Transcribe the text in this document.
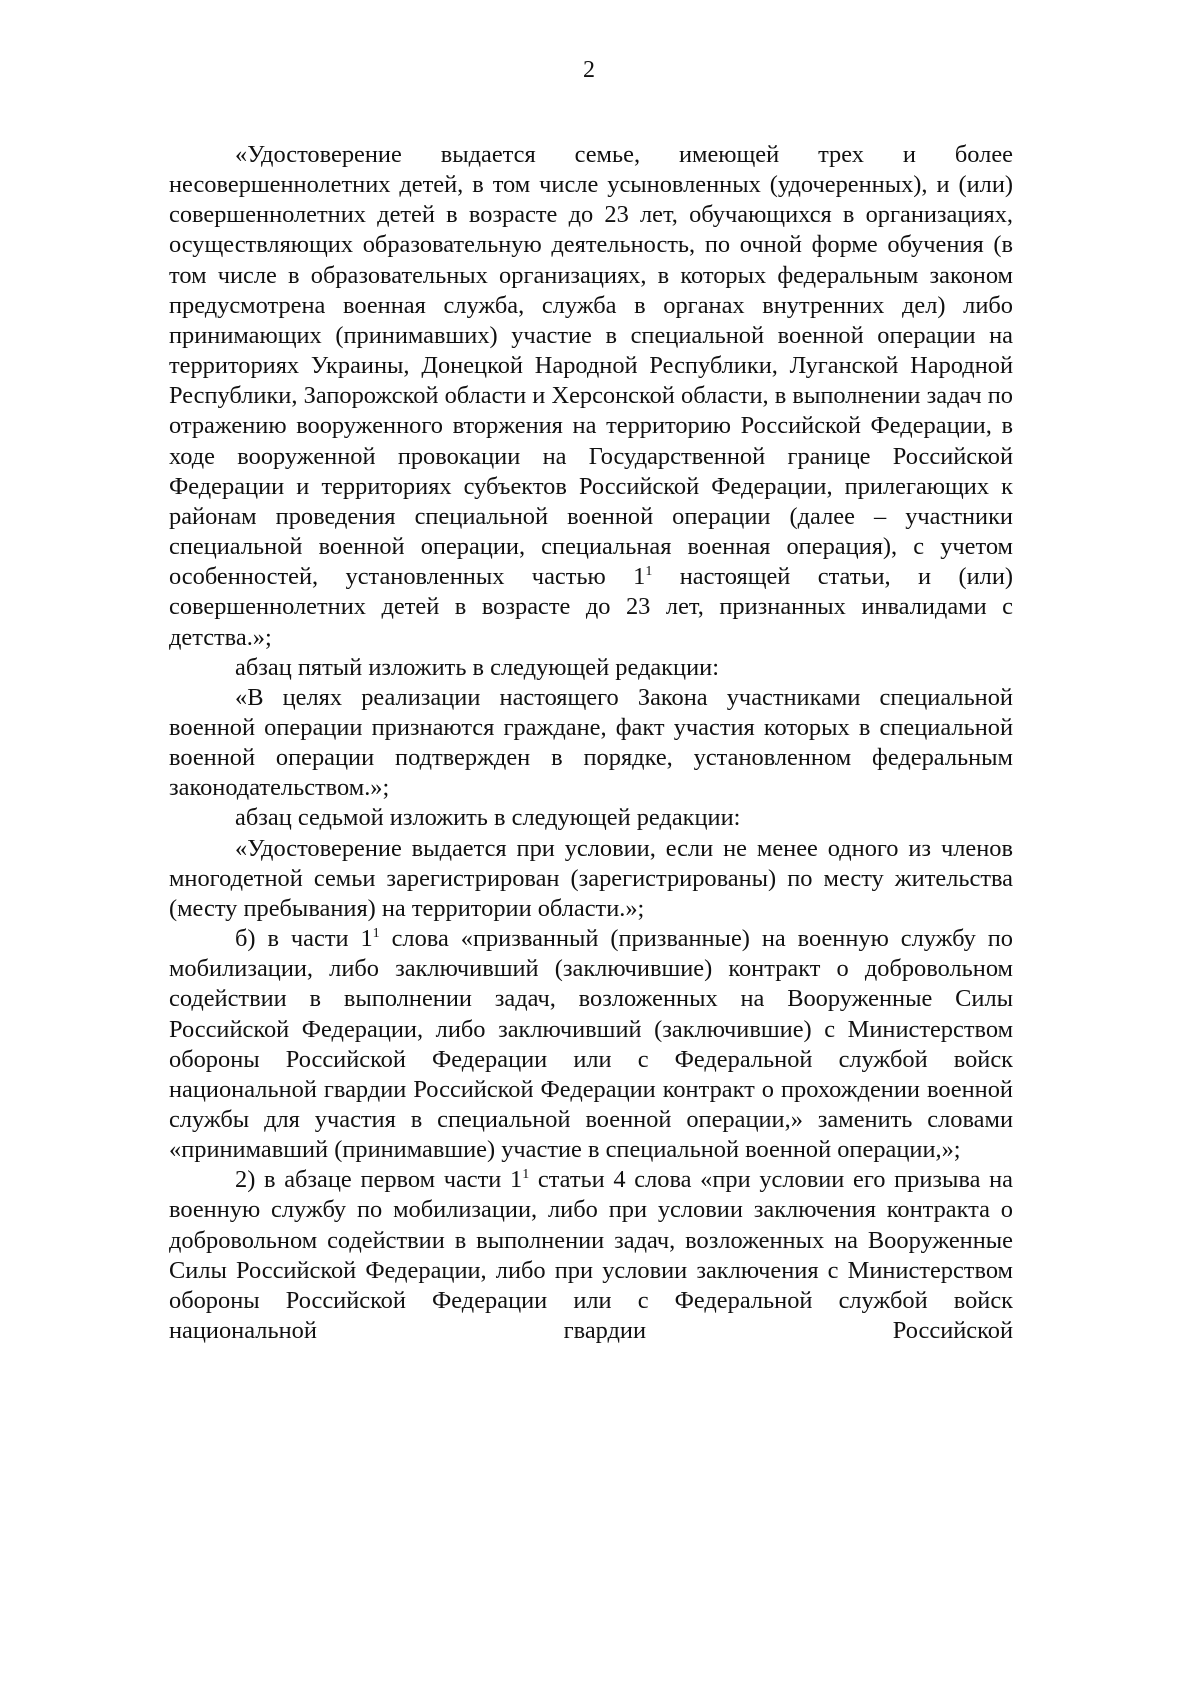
2

«Удостоверение выдается семье, имеющей трех и более несовершеннолетних детей, в том числе усыновленных (удочеренных), и (или) совершеннолетних детей в возрасте до 23 лет, обучающихся в организациях, осуществляющих образовательную деятельность, по очной форме обучения (в том числе в образовательных организациях, в которых федеральным законом предусмотрена военная служба, служба в органах внутренних дел) либо принимающих (принимавших) участие в специальной военной операции на территориях Украины, Донецкой Народной Республики, Луганской Народной Республики, Запорожской области и Херсонской области, в выполнении задач по отражению вооруженного вторжения на территорию Российской Федерации, в ходе вооруженной провокации на Государственной границе Российской Федерации и территориях субъектов Российской Федерации, прилегающих к районам проведения специальной военной операции (далее – участники специальной военной операции, специальная военная операция), с учетом особенностей, установленных частью $1^1$ настоящей статьи, и (или) совершеннолетних детей в возрасте до 23 лет, признанных инвалидами с детства.»;

абзац пятый изложить в следующей редакции:

«В целях реализации настоящего Закона участниками специальной военной операции признаются граждане, факт участия которых в специальной военной операции подтвержден в порядке, установленном федеральным законодательством.»;

абзац седьмой изложить в следующей редакции:

«Удостоверение выдается при условии, если не менее одного из членов многодетной семьи зарегистрирован (зарегистрированы) по месту жительства (месту пребывания) на территории области.»;

б) в части $1^1$ слова «призванный (призванные) на военную службу по мобилизации, либо заключивший (заключившие) контракт о добровольном содействии в выполнении задач, возложенных на Вооруженные Силы Российской Федерации, либо заключивший (заключившие) с Министерством обороны Российской Федерации или с Федеральной службой войск национальной гвардии Российской Федерации контракт о прохождении военной службы для участия в специальной военной операции,» заменить словами «принимавший (принимавшие) участие в специальной военной операции,»;

2) в абзаце первом части $1^1$ статьи 4 слова «при условии его призыва на военную службу по мобилизации, либо при условии заключения контракта о добровольном содействии в выполнении задач, возложенных на Вооруженные Силы Российской Федерации, либо при условии заключения с Министерством обороны Российской Федерации или с Федеральной службой войск национальной гвардии Российской
